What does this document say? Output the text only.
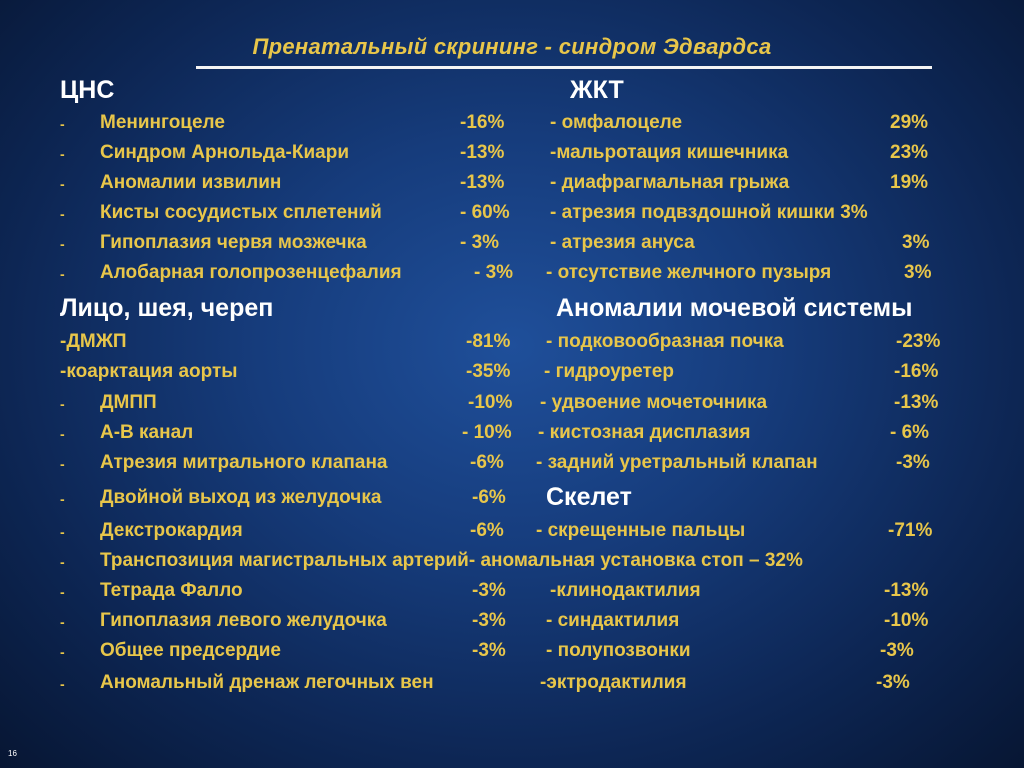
Пренатальный скрининг - синдром Эдвардса
ЦНС	ЖКТ
- Менингоцеле	-16% - омфалоцеле	29%
- Синдром Арнольда-Киари	-13% -мальротация кишечника	23%
- Аномалии извилин	-13% - диафрагмальная грыжа	19%
- Кисты сосудистых сплетений	- 60% - атрезия подвздошной кишки 3%
- Гипоплазия червя мозжечка	- 3%	- атрезия ануса	3%
- Алобарная голопрозенцефалия	- 3% - отсутствие желчного пузыря	3%
Лицо, шея, череп	Аномалии мочевой системы
-ДМЖП	-81% - подковообразная почка	-23%
-коарктация аорты	-35% - гидроуретер	-16%
- ДМПП	-10% - удвоение мочеточника	-13%
- А-В канал	- 10% - кистозная дисплазия	- 6%
- Атрезия митрального клапана	-6% - задний уретральный клапан	-3%
- Двойной выход из желудочка	-6% Скелет
- Декстрокардия	-6% - скрещенные пальцы	-71%
- Транспозиция магистральных артерий- аномальная установка стоп – 32%
- Тетрада Фалло	-3% -клинодактилия	-13%
- Гипоплазия левого желудочка	-3% - синдактилия	-10%
- Общее предсердие	-3% - полупозвонки	-3%
- Аномальный дренаж легочных вен	-эктродактилия	-3%
16
